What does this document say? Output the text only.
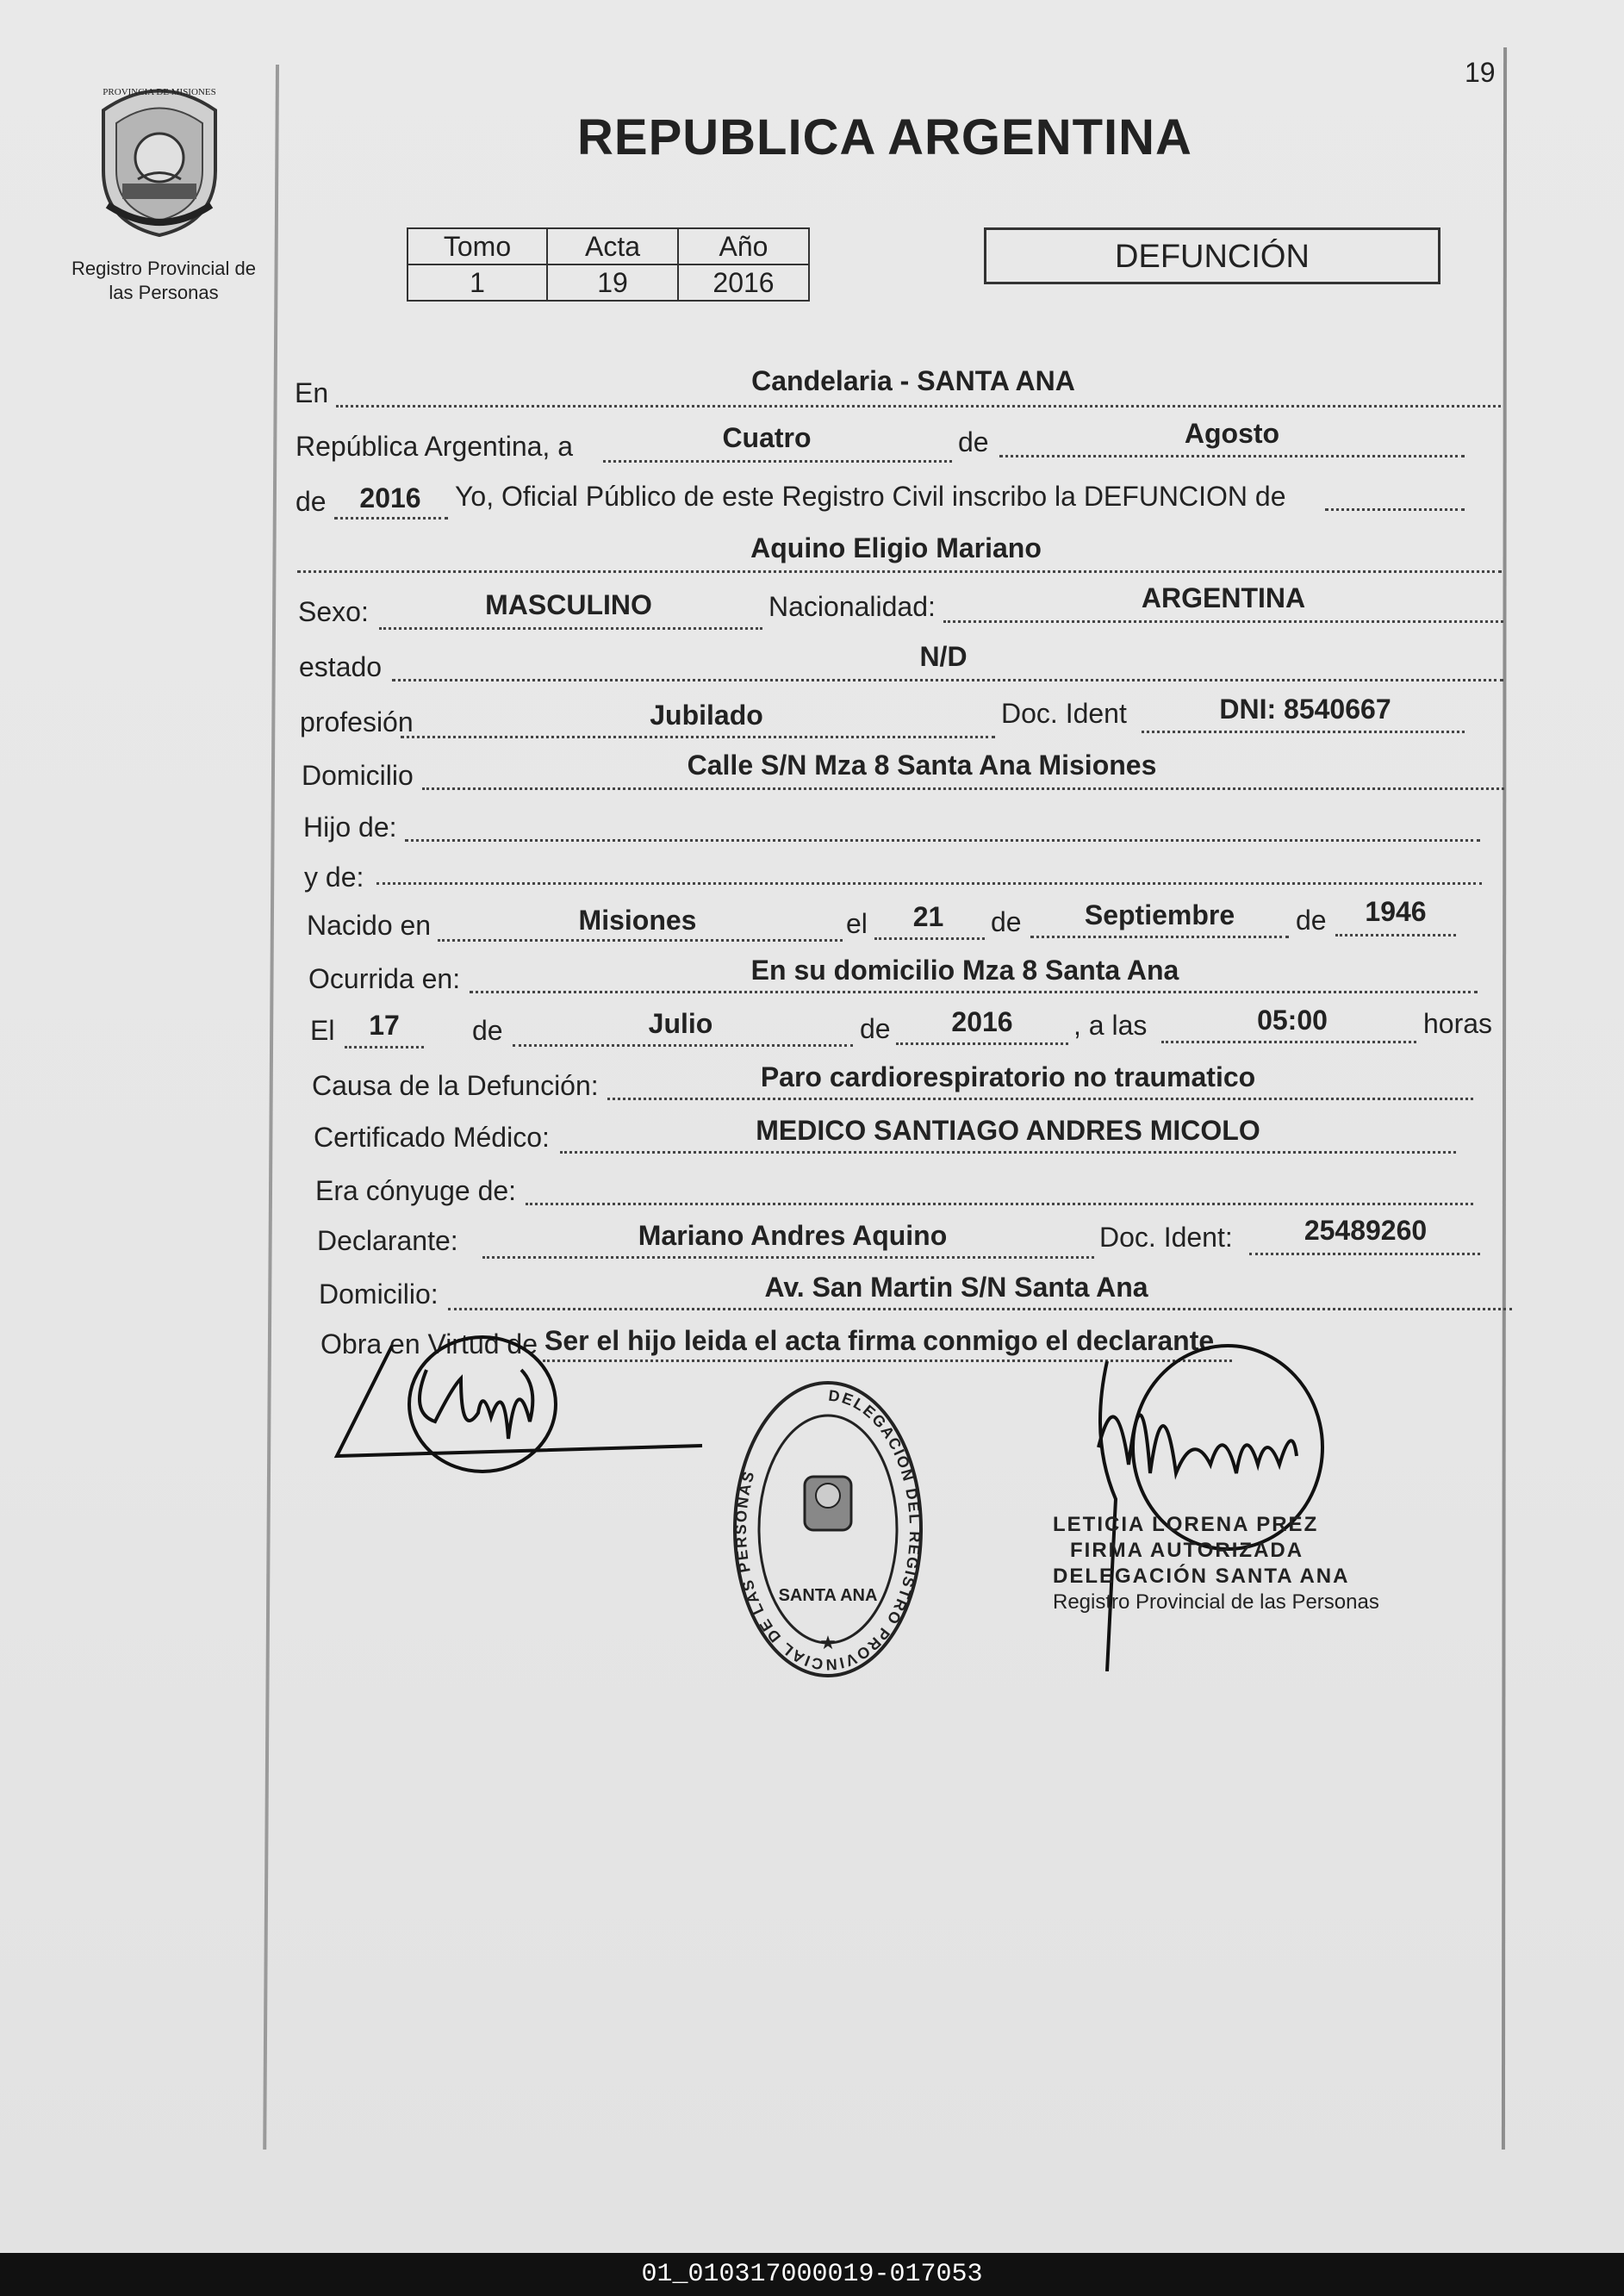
19
PROVINCIA DE MISIONES
Registro Provincial de
las Personas
REPUBLICA ARGENTINA
Tomo	Acta	Año
1	19	2016
DEFUNCIÓN
En	Candelaria - SANTA ANA
República Argentina, a	Cuatro	de	Agosto
de	2016	Yo, Oficial Público de este Registro Civil inscribo la DEFUNCION de
Aquino Eligio Mariano
Sexo:	MASCULINO	Nacionalidad:	ARGENTINA
estado	N/D
profesión	Jubilado	Doc. Ident	DNI: 8540667
Domicilio	Calle S/N Mza 8 Santa Ana Misiones
Hijo de:
y de:
Nacido en	Misiones	el	21	de	Septiembre	de	1946
Ocurrida en:	En su domicilio Mza 8 Santa Ana
El	17	de	Julio	de	2016	, a las	05:00	horas
Causa de la Defunción:	Paro cardiorespiratorio no traumatico
Certificado Médico:	MEDICO SANTIAGO ANDRES MICOLO
Era cónyuge de:
Declarante:	Mariano Andres Aquino	Doc. Ident:	25489260
Domicilio:	Av. San Martin S/N Santa Ana
Obra en Virtud de Ser el hijo leida el acta firma conmigo el declarante
DELEGACION DEL REGISTRO PROVINCIAL DE LAS PERSONAS
SANTA ANA
★
LETICIA LORENA PREZ
FIRMA AUTORIZADA
DELEGACIÓN SANTA ANA
Registro Provincial de las Personas
01_010317000019-017053
